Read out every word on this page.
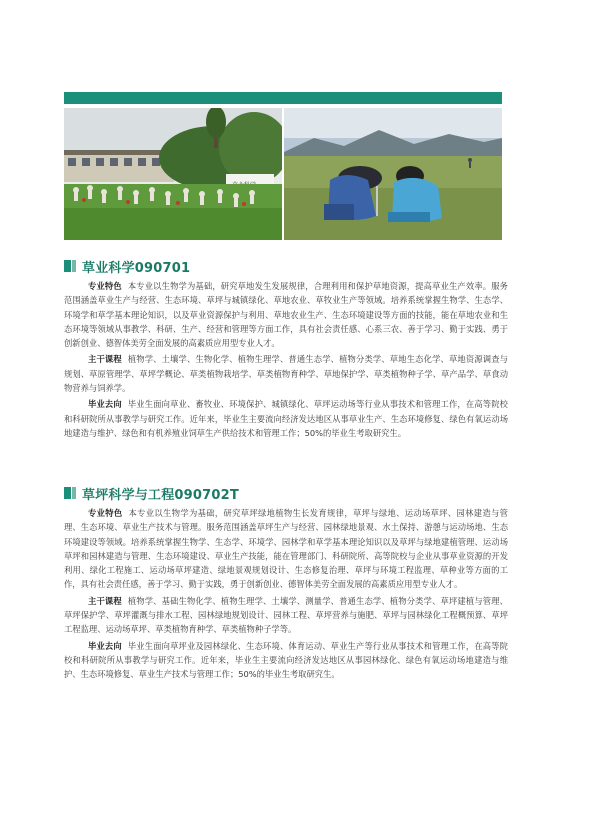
草业科学090701

专业特色 本专业以生物学为基础，研究草地发生发展规律，合理利用和保护草地资源，提高草业生产效率。服务范围涵盖草业生产与经营、生态环境、草坪与城镇绿化、草地农业、草牧业生产等领域。培养系统掌握生物学、生态学、环境学和草学基本理论知识，以及草业资源保护与利用、草地农业生产、生态环境建设等方面的技能，能在草地农业和生态环境等领域从事教学、科研、生产、经营和管理等方面工作，具有社会责任感、心系三农、善于学习、勤于实践、勇于创新创业、德智体美劳全面发展的高素质应用型专业人才。

主干课程 植物学、土壤学、生物化学、植物生理学、普通生态学、植物分类学、草地生态化学、草地资源调查与规划、草原管理学、草坪学概论、草类植物栽培学、草类植物育种学、草地保护学、草类植物种子学、草产品学、草食动物营养与饲养学。

毕业去向 毕业生面向草业、畜牧业、环境保护、城镇绿化、草坪运动场等行业从事技术和管理工作，在高等院校和科研院所从事教学与研究工作。近年来，毕业生主要流向经济发达地区从事草业生产、生态环境修复、绿色有氧运动场地建造与维护、绿色和有机养殖业饲草生产供给技术和管理工作；50%的毕业生考取研究生。

草坪科学与工程090702T

专业特色 本专业以生物学为基础，研究草坪绿地植物生长发育规律，草坪与绿地、运动场草坪、园林建造与管理、生态环境、草业生产技术与管理。服务范围涵盖草坪生产与经营、园林绿地景观、水土保持、游憩与运动场地、生态环境建设等领域。培养系统掌握生物学、生态学、环境学、园林学和草学基本理论知识以及草坪与绿地建植管理、运动场草坪和园林建造与管理、生态环境建设、草业生产技能，能在管理部门、科研院所、高等院校与企业从事草业资源的开发利用、绿化工程施工、运动场草坪建造、绿地景观规划设计、生态修复治理、草坪与环境工程监理、草种业等方面的工作，具有社会责任感，善于学习、勤于实践，勇于创新创业、德智体美劳全面发展的高素质应用型专业人才。

主干课程 植物学、基础生物化学、植物生理学、土壤学、测量学、普通生态学、植物分类学、草坪建植与管理、草坪保护学、草坪灌溉与排水工程、园林绿地规划设计、园林工程、草坪营养与施肥、草坪与园林绿化工程概预算、草坪工程监理、运动场草坪、草类植物育种学、草类植物种子学等。

毕业去向 毕业生面向草坪业及园林绿化、生态环境、体育运动、草业生产等行业从事技术和管理工作，在高等院校和科研院所从事教学与研究工作。近年来，毕业生主要流向经济发达地区从事园林绿化、绿色有氧运动场地建造与维护、生态环境修复、草业生产技术与管理工作；50%的毕业生考取研究生。
